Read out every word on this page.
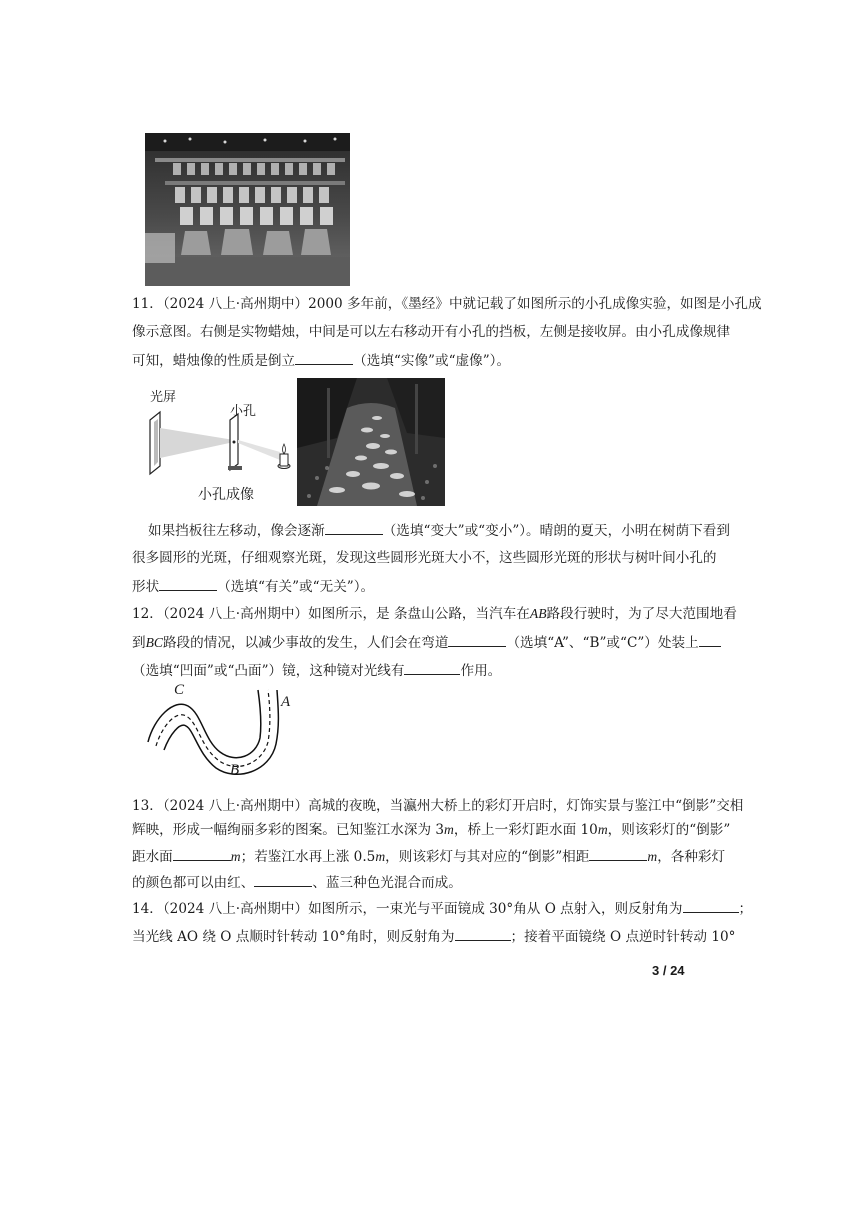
11．（2024 八上·高州期中）2000 多年前，《墨经》中就记载了如图所示的小孔成像实验，如图是小孔成
像示意图。右侧是实物蜡烛，中间是可以左右移动开有小孔的挡板，左侧是接收屏。由小孔成像规律
可知，蜡烛像的性质是倒立	（选填“实像”或“虚像”）。
光屏
小孔
小孔成像
如果挡板往左移动，像会逐渐	（选填“变大”或“变小”）。晴朗的夏天，小明在树荫下看到
很多圆形的光斑，仔细观察光斑，发现这些圆形光斑大小不，这些圆形光斑的形状与树叶间小孔的
形状	（选填“有关”或“无关”）。
12．（2024 八上·高州期中）如图所示，是 条盘山公路，当汽车在AB路段行驶时，为了尽大范围地看
到BC路段的情况，以减少事故的发生，人们会在弯道	（选填“A”、“B”或“C”）处装上
（选填“凹面”或“凸面”）镜，这种镜对光线有	作用。
C
A
B
13．（2024 八上·高州期中）高城的夜晚，当瀛州大桥上的彩灯开启时，灯饰实景与鉴江中“倒影”交相
辉映，形成一幅绚丽多彩的图案。已知鉴江水深为 3m，桥上一彩灯距水面 10m，则该彩灯的“倒影”
距水面	m；若鉴江水再上涨 0.5m，则该彩灯与其对应的“倒影”相距	m，各种彩灯
的颜色都可以由红、	、蓝三种色光混合而成。
14．（2024 八上·高州期中）如图所示，一束光与平面镜成 30°角从 O 点射入，则反射角为	；
当光线 AO 绕 O 点顺时针转动 10°角时，则反射角为	；接着平面镜绕 O 点逆时针转动 10°
3 / 24
